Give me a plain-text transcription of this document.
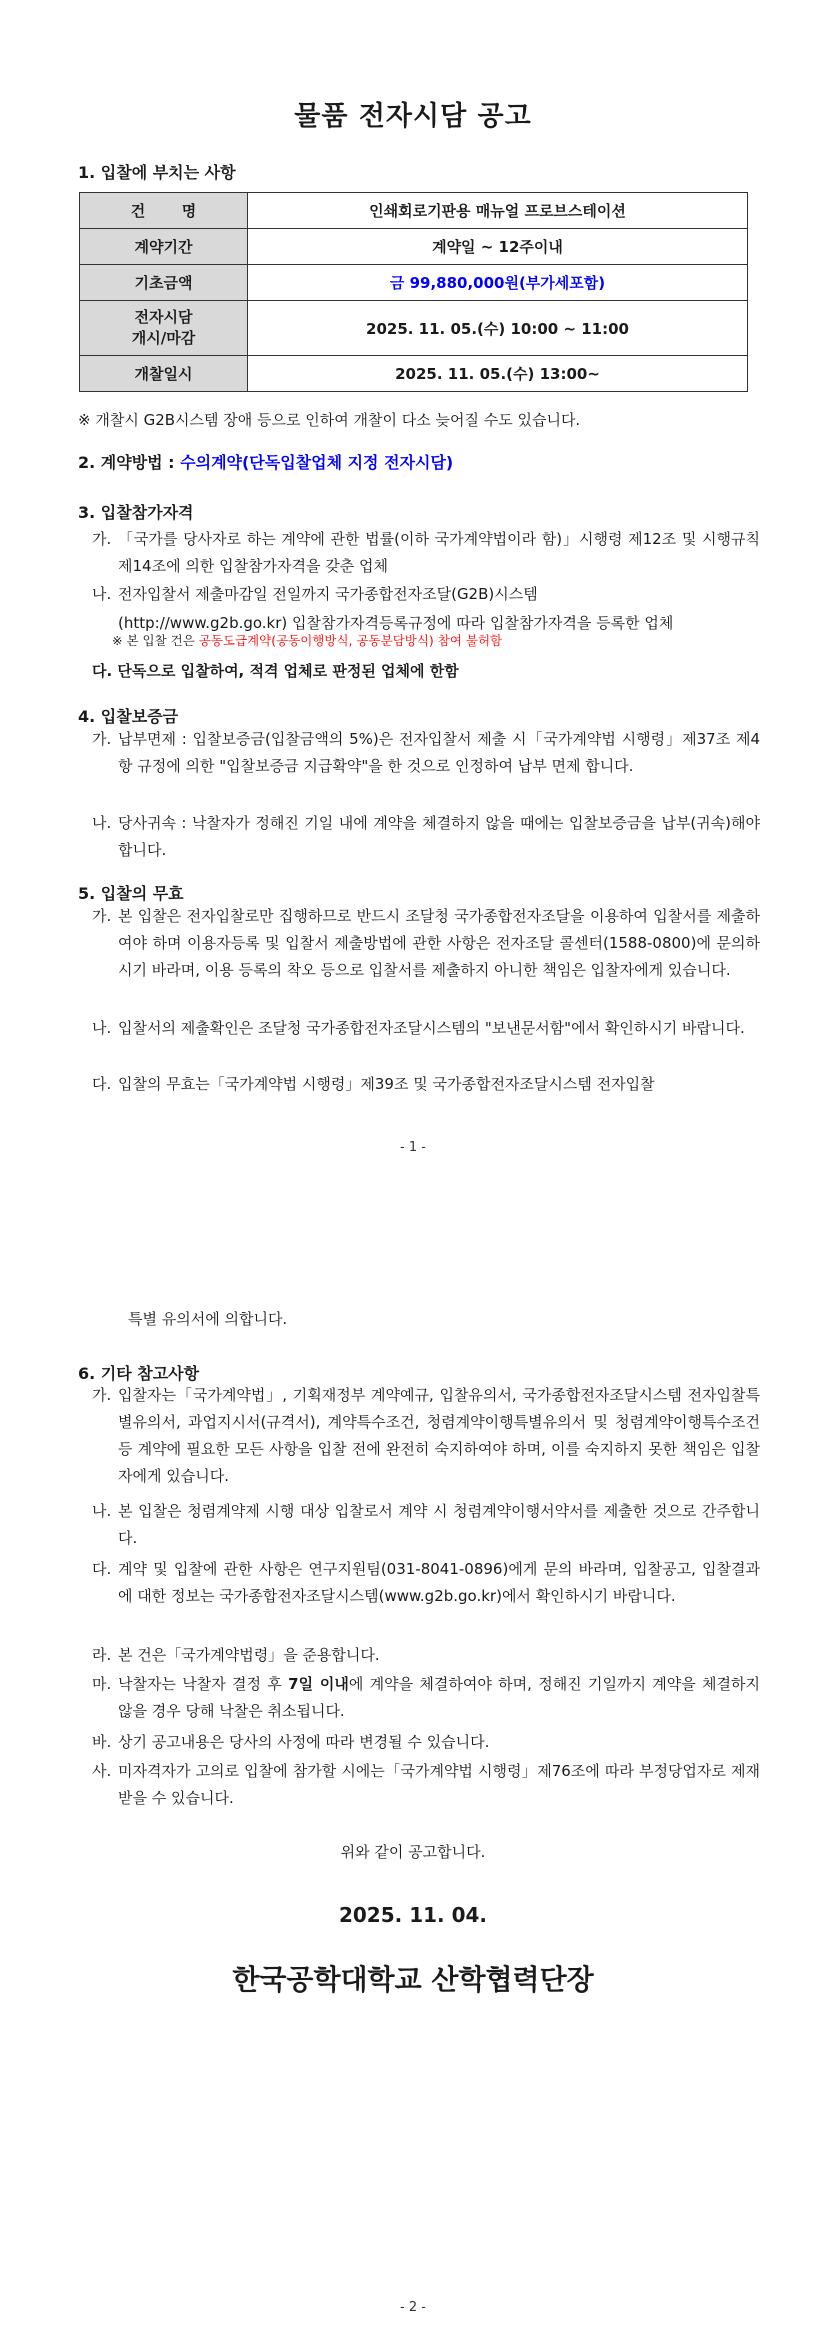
물품 전자시담 공고
1. 입찰에 부치는 사항
건       명	인쇄회로기판용 매뉴얼 프로브스테이션
계약기간	계약일 ~ 12주이내
기초금액	금 99,880,000원(부가세포함)
전자시담
개시/마감	2025. 11. 05.(수) 10:00 ~ 11:00
개찰일시	2025. 11. 05.(수) 13:00~
※ 개찰시 G2B시스템 장애 등으로 인하여 개찰이 다소 늦어질 수도 있습니다.
2. 계약방법 : 수의계약(단독입찰업체 지정 전자시담)
3. 입찰참가자격
가. 「국가를 당사자로 하는 계약에 관한 법률(이하 국가계약법이라 함)」시행령 제12조 및 시행규칙 제14조에 의한 입찰참가자격을 갖춘 업체
나. 전자입찰서 제출마감일 전일까지 국가종합전자조달(G2B)시스템
(http://www.g2b.go.kr) 입찰참가자격등록규정에 따라 입찰참가자격을 등록한 업체
※ 본 입찰 건은 공동도급계약(공동이행방식, 공동분담방식) 참여 불허함
다. 단독으로 입찰하여, 적격 업체로 판정된 업체에 한함
4. 입찰보증금
가. 납부면제 : 입찰보증금(입찰금액의 5%)은 전자입찰서 제출 시「국가계약법 시행령」제37조 제4항 규정에 의한 "입찰보증금 지급확약"을 한 것으로 인정하여 납부 면제 합니다.
나. 당사귀속 : 낙찰자가 정해진 기일 내에 계약을 체결하지 않을 때에는 입찰보증금을 납부(귀속)해야 합니다.
5. 입찰의 무효
가. 본 입찰은 전자입찰로만 집행하므로 반드시 조달청 국가종합전자조달을 이용하여 입찰서를 제출하여야 하며 이용자등록 및 입찰서 제출방법에 관한 사항은 전자조달 콜센터(1588-0800)에 문의하시기 바라며, 이용 등록의 착오 등으로 입찰서를 제출하지 아니한 책임은 입찰자에게 있습니다.
나. 입찰서의 제출확인은 조달청 국가종합전자조달시스템의 "보낸문서함"에서 확인하시기 바랍니다.
다. 입찰의 무효는「국가계약법 시행령」제39조 및 국가종합전자조달시스템 전자입찰
- 1 -
특별 유의서에 의합니다.
6. 기타 참고사항
가. 입찰자는「국가계약법」, 기획재정부 계약예규, 입찰유의서, 국가종합전자조달시스템 전자입찰특별유의서, 과업지시서(규격서), 계약특수조건, 청렴계약이행특별유의서 및 청렴계약이행특수조건 등 계약에 필요한 모든 사항을 입찰 전에 완전히 숙지하여야 하며, 이를 숙지하지 못한 책임은 입찰자에게 있습니다.
나. 본 입찰은 청렴계약제 시행 대상 입찰로서 계약 시 청렴계약이행서약서를 제출한 것으로 간주합니다.
다. 계약 및 입찰에 관한 사항은 연구지원팀(031-8041-0896)에게 문의 바라며, 입찰공고, 입찰결과에 대한 정보는 국가종합전자조달시스템(www.g2b.go.kr)에서 확인하시기 바랍니다.
라. 본 건은「국가계약법령」을 준용합니다.
마. 낙찰자는 낙찰자 결정 후 7일 이내에 계약을 체결하여야 하며, 정해진 기일까지 계약을 체결하지 않을 경우 당해 낙찰은 취소됩니다.
바. 상기 공고내용은 당사의 사정에 따라 변경될 수 있습니다.
사. 미자격자가 고의로 입찰에 참가할 시에는「국가계약법 시행령」제76조에 따라 부정당업자로 제재 받을 수 있습니다.
위와 같이 공고합니다.
2025. 11. 04.
한국공학대학교 산학협력단장
- 2 -
